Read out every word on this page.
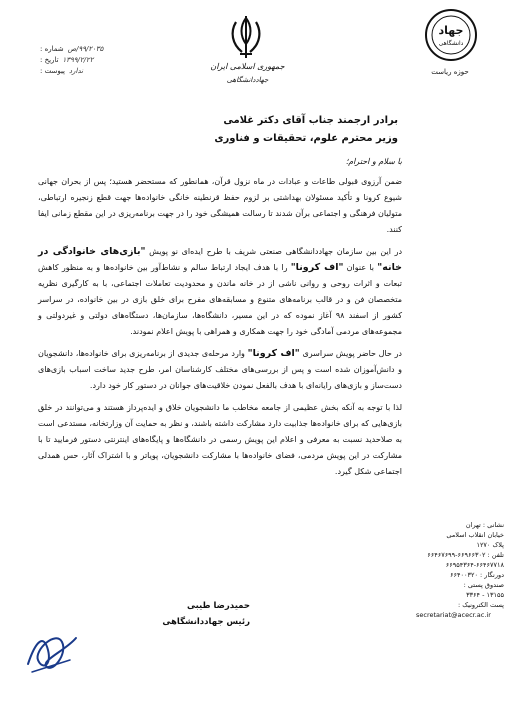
۹۹/۲۰۳۵/ص
شماره :
۱۳۹۹/۲/۲۲
تاریخ :
ندارد
پیوست :	جمهوری اسلامی ایران
جهاددانشگاهی
جهاد
دانشگاهی
حوزه ریاست
برادر ارجمند جناب آقای دکتر غلامی
وزیر محترم علوم، تحقیقات و فناوری

با سلام و احترام؛

ضمن آرزوی قبولی طاعات و عبادات در ماه نزول قرآن، همانطور که مستحضر هستید؛ پس از بحران جهانی شیوع کرونا و تأکید مسئولان بهداشتی بر لزوم حفظ قرنطینه خانگی خانواده‌ها جهت قطع زنجیره ارتباطی، متولیان فرهنگی و اجتماعی برآن شدند تا رسالت همیشگی خود را در جهت برنامه‌ریزی در این مقطع زمانی ایفا کنند.

در این بین سازمان جهاددانشگاهی صنعتی شریف با طرح ایده‌ای نو پویش "بازی‌های خانوادگی در خانه" با عنوان "اف کرونا" را با هدف ایجاد ارتباط سالم و نشاط‌آور بین خانواده‌ها و به منظور کاهش تبعات و اثرات روحی و روانی ناشی از در خانه ماندن و محدودیت تعاملات اجتماعی، با به کارگیری نظریه متخصصان فن و در قالب برنامه‌های متنوع و مسابقه‌های مفرح برای خلق بازی در بین خانواده، در سراسر کشور از اسفند ۹۸ آغاز نموده که در این مسیر، دانشگاه‌ها، سازمان‌ها، دستگاه‌های دولتی و غیردولتی و مجموعه‌های مردمی آمادگی خود را جهت همکاری و همراهی با پویش اعلام نمودند.

در حال حاضر پویش سراسری "اف کرونا" وارد مرحله‌ی جدیدی از برنامه‌ریزی برای خانواده‌ها، دانشجویان و دانش‌آموزان شده است و پس از بررسی‌های مختلف کارشناسان امر، طرح جدید ساخت اسباب بازی‌های دست‌ساز و بازی‌های رایانه‌ای با هدف بالفعل نمودن خلاقیت‌های جوانان در دستور کار خود دارد.

لذا با توجه به آنکه بخش عظیمی از جامعه مخاطب ما دانشجویان خلاق و ایده‌پرداز هستند و می‌توانند در خلق بازی‌هایی که برای خانواده‌ها جذابیت دارد مشارکت داشته باشند، و نظر به حمایت آن وزارتخانه، مستدعی است به صلاحدید نسبت به معرفی و اعلام این پویش رسمی در دانشگاه‌ها و پایگاه‌های اینترنتی دستور فرمایید تا با مشارکت در این پویش مردمی، فضای خانواده‌ها با مشارکت دانشجویان، پویاتر و با اشتراک آثار، حس همدلی اجتماعی شکل گیرد.

حمیدرضا طیبی
رئیس جهاددانشگاهی
نشانی : تهران
خیابان انقلاب اسلامی
پلاک ۱۲۷۰
تلفن : ۶۶۹۶۶۳۰۲-۶۶۴۶۷۶۹۹
۶۶۹۵۴۳۶۴-۶۶۴۶۷۷۱۸
دورنگار : ۶۶۴۰۰۳۲۰
صندوق پستی :
۱۳۱۵۵ - ۳۳۶۴
پست الکترونیک :
secretariat@acecr.ac.ir
